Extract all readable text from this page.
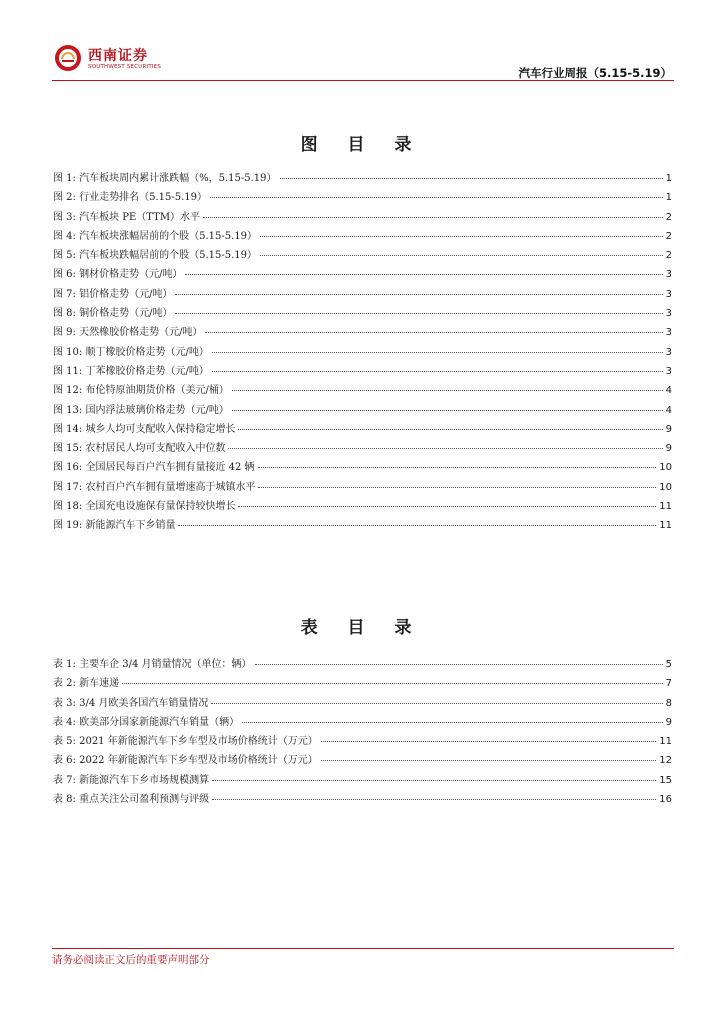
西南证券
SOUTHWEST SECURITIES	汽车行业周报（5.15-5.19）
图 目 录
图 1: 汽车板块周内累计涨跌幅（%，5.15-5.19）	1
图 2: 行业走势排名（5.15-5.19）	1
图 3: 汽车板块 PE（TTM）水平	2
图 4: 汽车板块涨幅居前的个股（5.15-5.19）	2
图 5: 汽车板块跌幅居前的个股（5.15-5.19）	2
图 6: 钢材价格走势（元/吨）	3
图 7: 铝价格走势（元/吨）	3
图 8: 铜价格走势（元/吨）	3
图 9: 天然橡胶价格走势（元/吨）	3
图 10: 顺丁橡胶价格走势（元/吨）	3
图 11: 丁苯橡胶价格走势（元/吨）	3
图 12: 布伦特原油期货价格（美元/桶）	4
图 13: 国内浮法玻璃价格走势（元/吨）	4
图 14: 城乡人均可支配收入保持稳定增长	9
图 15: 农村居民人均可支配收入中位数	9
图 16: 全国居民每百户汽车拥有量接近 42 辆	10
图 17: 农村百户汽车拥有量增速高于城镇水平	10
图 18: 全国充电设施保有量保持较快增长	11
图 19: 新能源汽车下乡销量	11
表 目 录
表 1: 主要车企 3/4 月销量情况（单位：辆）	5
表 2: 新车速递	7
表 3: 3/4 月欧美各国汽车销量情况	8
表 4: 欧美部分国家新能源汽车销量（辆）	9
表 5: 2021 年新能源汽车下乡车型及市场价格统计（万元）	11
表 6: 2022 年新能源汽车下乡车型及市场价格统计（万元）	12
表 7: 新能源汽车下乡市场规模测算	15
表 8: 重点关注公司盈利预测与评级	16
请务必阅读正文后的重要声明部分
